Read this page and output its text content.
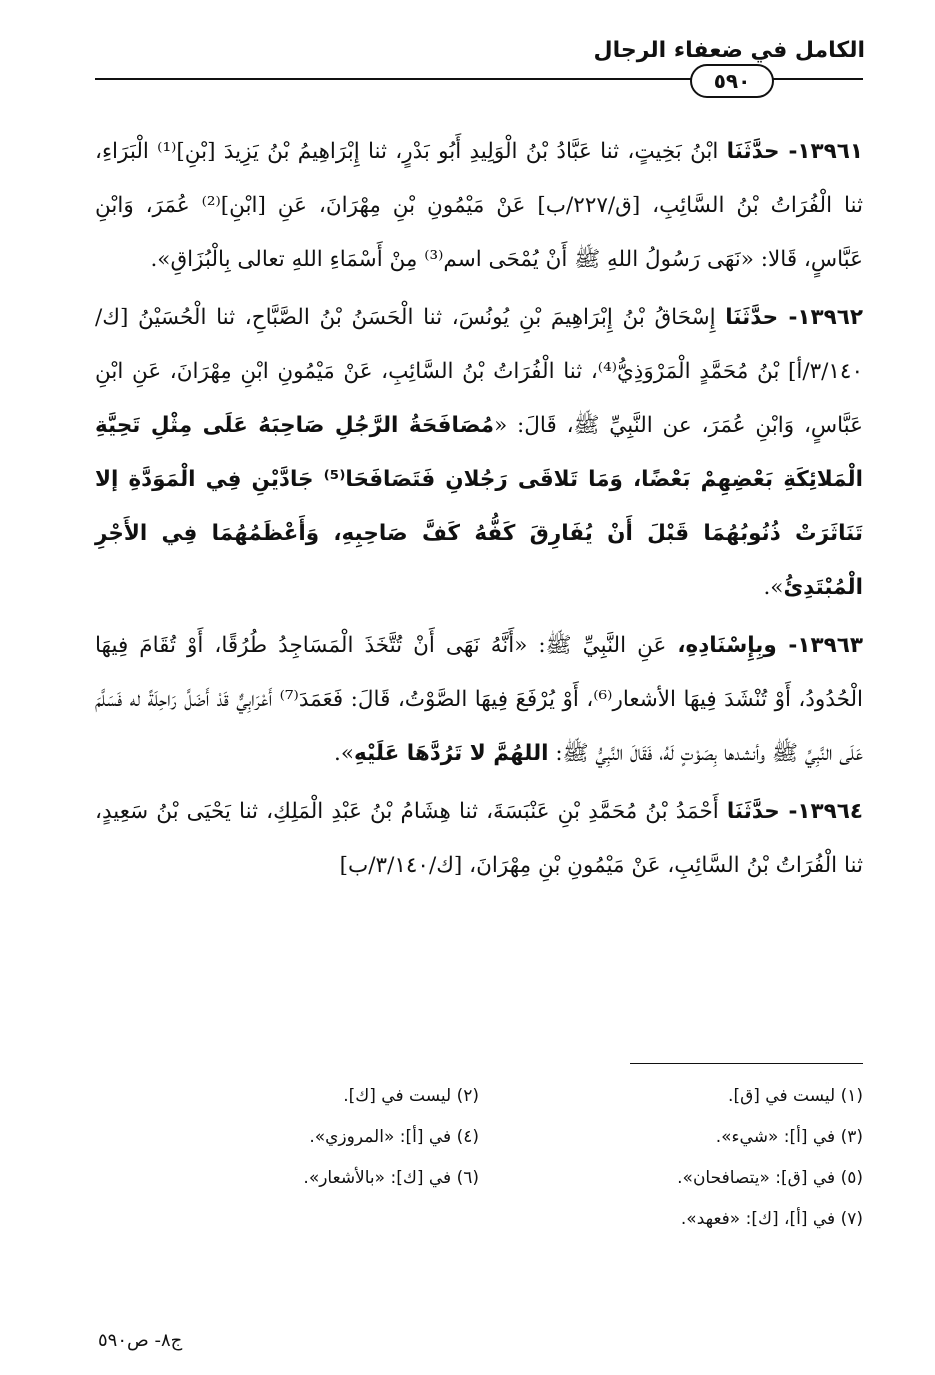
الكامل في ضعفاء الرجال
٥٩٠

١٣٩٦١- حدَّثَنَا ابْنُ بَخِيتٍ، ثنا عَبَّادُ بْنُ الْوَلِيدِ أَبُو بَدْرٍ، ثنا إِبْرَاهِيمُ بْنُ يَزِيدَ [بْنِ]⁽¹⁾ الْبَرَاءِ، ثنا الْفُرَاتُ بْنُ السَّائِبِ، [ق/٢٢٧/ب] عَنْ مَيْمُونِ بْنِ مِهْرَانَ، عَنِ [ابْنِ]⁽²⁾ عُمَرَ، وَابْنِ عَبَّاسٍ، قَالا: «نَهَى رَسُولُ اللهِ ﷺ أَنْ يُمْحَى اسم⁽³⁾ مِنْ أَسْمَاءِ اللهِ تعالى بِالْبُزَاقِ».

١٣٩٦٢- حدَّثَنَا إِسْحَاقُ بْنُ إِبْرَاهِيمَ بْنِ يُونُسَ، ثنا الْحَسَنُ بْنُ الصَّبَّاحِ، ثنا الْحُسَيْنُ [ك/٣/١٤٠/أ] بْنُ مُحَمَّدٍ الْمَرْوَذِيُّ⁽⁴⁾، ثنا الْفُرَاتُ بْنُ السَّائِبِ، عَنْ مَيْمُونِ ابْنِ مِهْرَانَ، عَنِ ابْنِ عَبَّاسٍ، وَابْنِ عُمَرَ، عن النَّبِيِّ ﷺ، قَالَ: «مُصَافَحَةُ الرَّجُلِ صَاحِبَهُ عَلَى مِثْلِ تَحِيَّةِ الْمَلائِكَةِ بَعْضِهِمْ بَعْضًا، وَمَا تَلاقَى رَجُلانِ فَتَصَافَحَا⁽⁵⁾ جَادَّيْنِ فِي الْمَوَدَّةِ إلا تَنَاثَرَتْ ذُنُوبُهُمَا قَبْلَ أَنْ يُفَارِقَ كَفُّهُ كَفَّ صَاحِبِهِ، وَأَعْظَمُهُمَا فِي الأَجْرِ الْمُبْتَدِئُ».

١٣٩٦٣- وبِإِسْنَادِهِ، عَنِ النَّبِيِّ ﷺ: «أَنَّهُ نَهَى أَنْ تُتَّخَذَ الْمَسَاجِدُ طُرُقًا، أَوْ تُقَامَ فِيهَا الْحُدُودُ، أَوْ تُنْشَدَ فِيهَا الأشعار⁽⁶⁾، أَوْ يُرْفَعَ فِيهَا الصَّوْتُ، قَالَ: فَعَمَدَ⁽⁷⁾ أَعْرَابِيٌّ قَدْ أَضَلَّ رَاحِلَةً له فَسَلَّمَ عَلَى النَّبِيِّ ﷺ وأنشدها بِصَوْتٍ لَهُ، فَقَالَ النَّبِيُّ ﷺ: اللهُمَّ لا تَرُدَّهَا عَلَيْهِ».

١٣٩٦٤- حدَّثَنَا أَحْمَدُ بْنُ مُحَمَّدِ بْنِ عَنْبَسَةَ، ثنا هِشَامُ بْنُ عَبْدِ الْمَلِكِ، ثنا يَحْيَى بْنُ سَعِيدٍ، ثنا الْفُرَاتُ بْنُ السَّائِبِ، عَنْ مَيْمُونِ بْنِ مِهْرَانَ، [ك/٣/١٤٠/ب]

(١) ليست في [ق].
(٢) ليست في [ك].
(٣) في [أ]: «شيء».
(٤) في [أ]: «المروزي».
(٥) في [ق]: «يتصافحان».
(٦) في [ك]: «بالأشعار».
(٧) في [أ]، [ك]: «فعهد».
ج٨- ص٥٩٠
